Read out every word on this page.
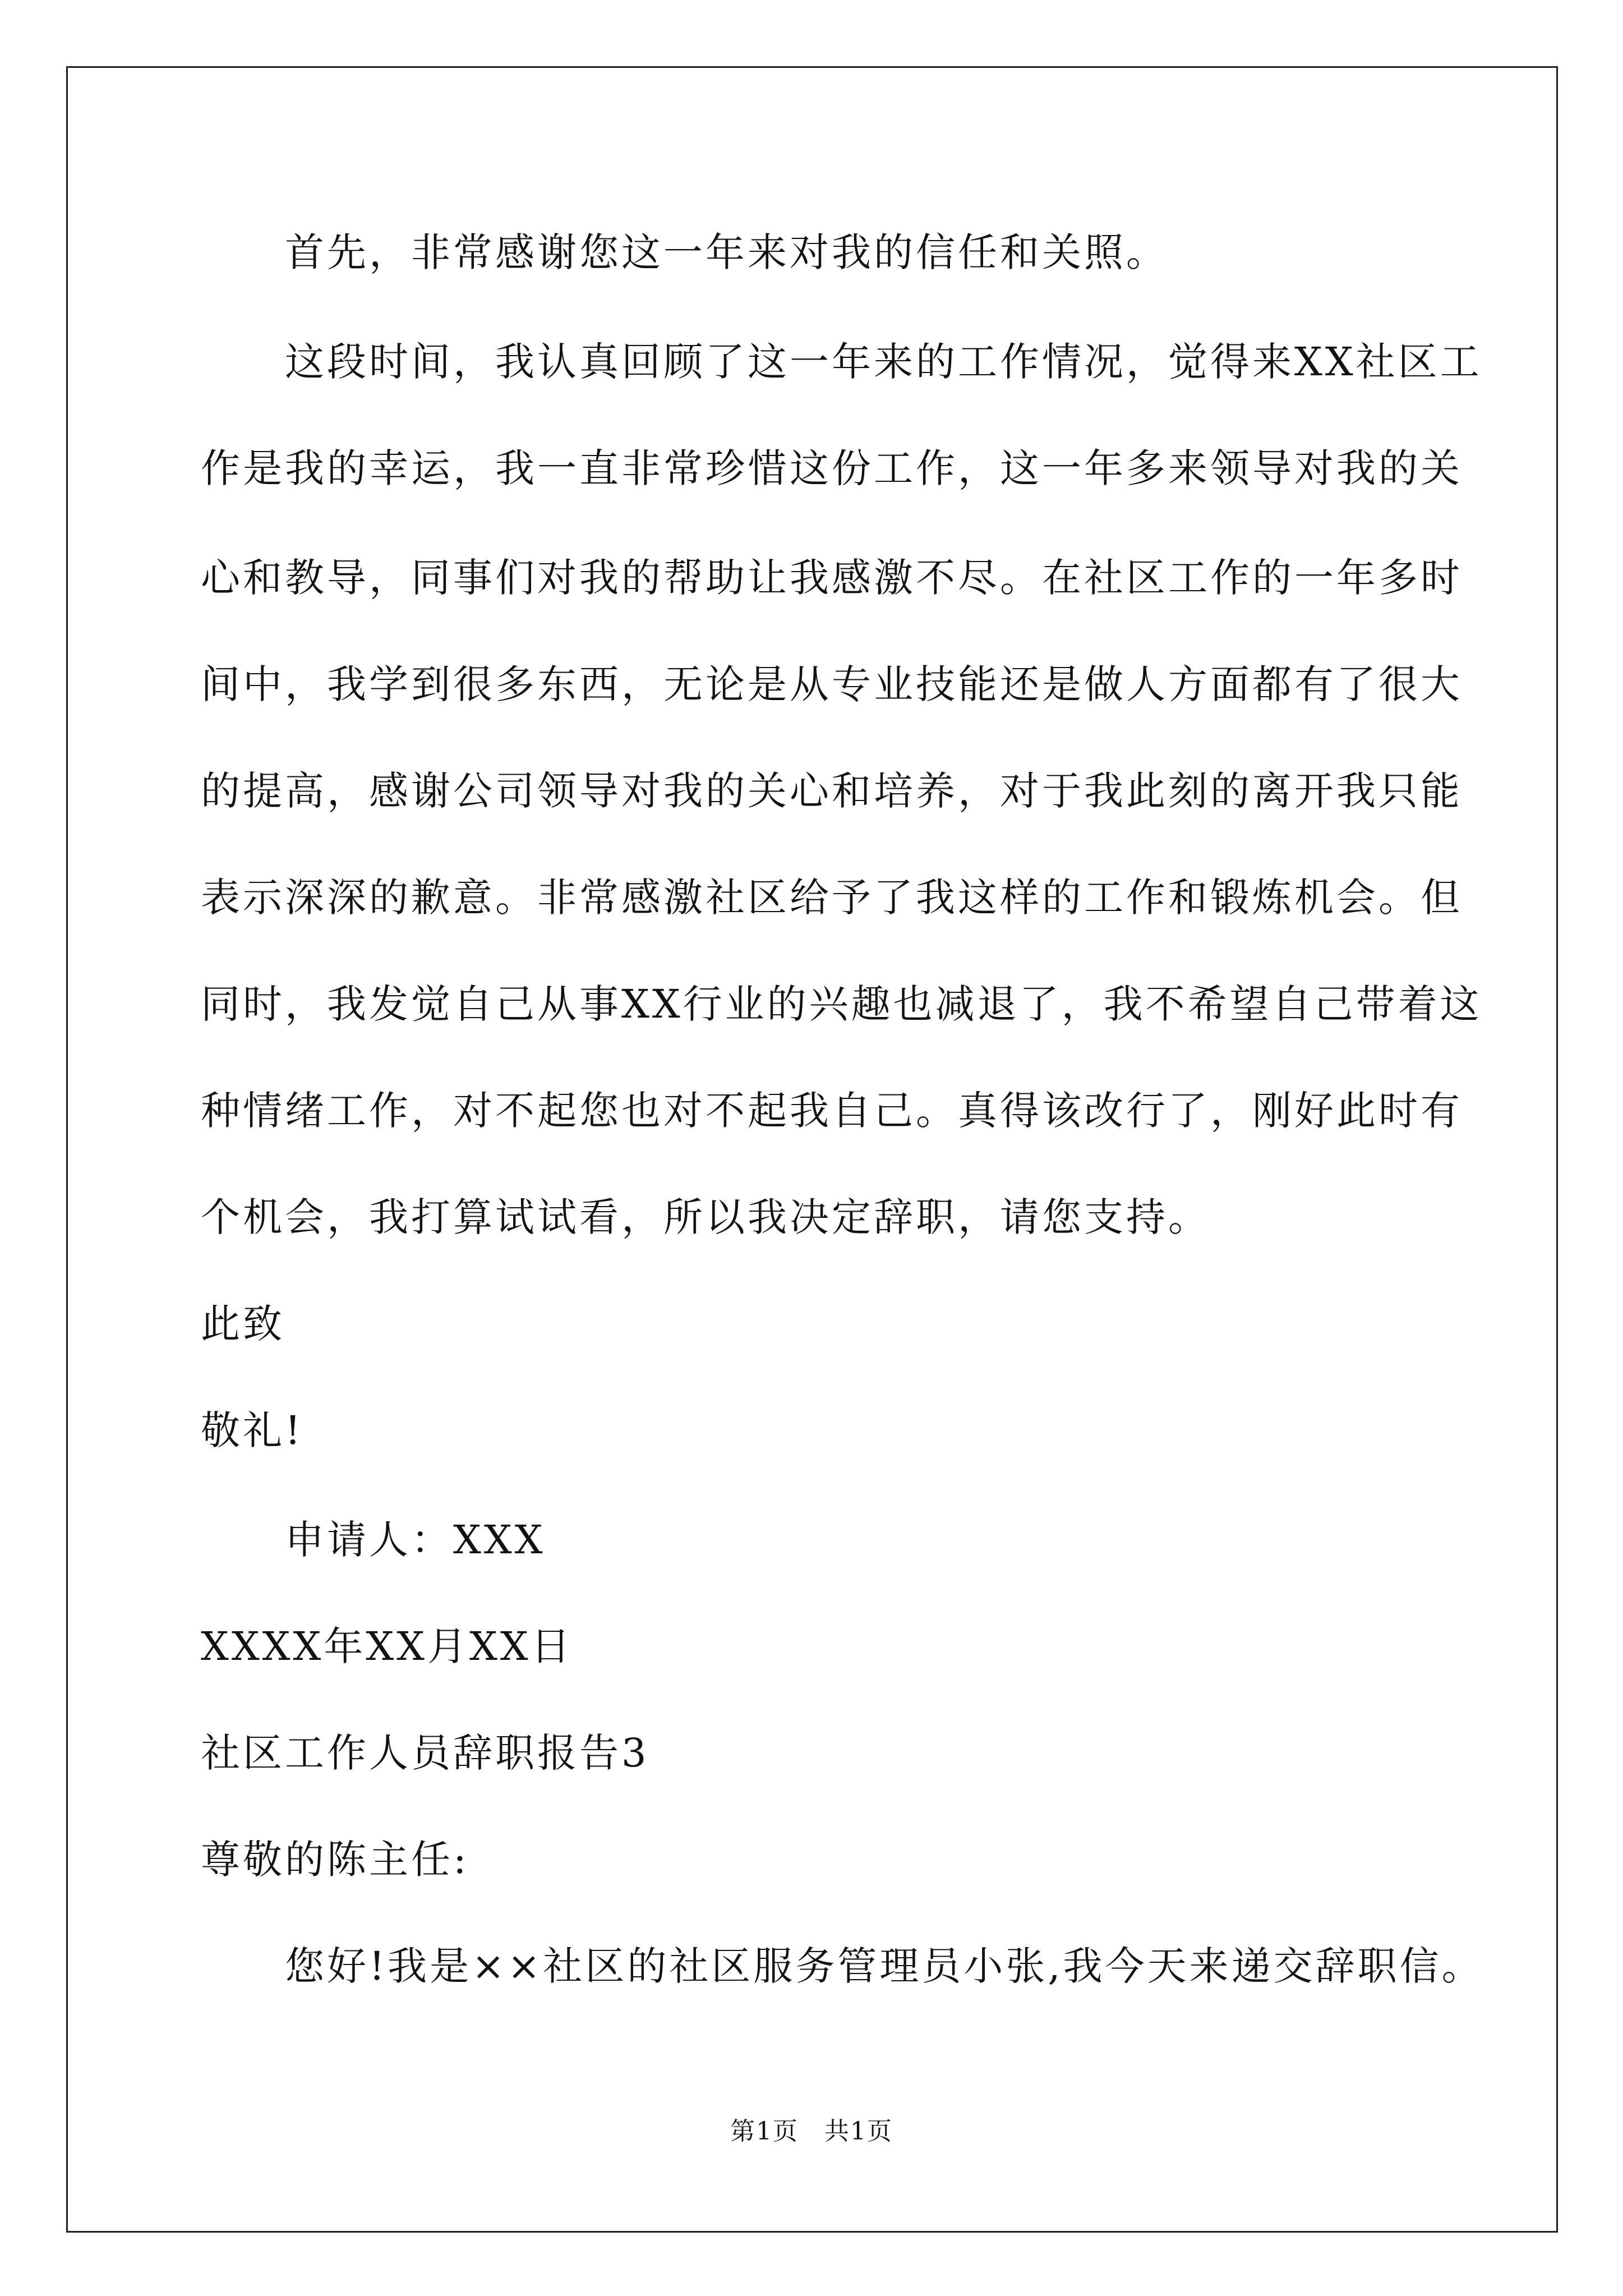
首先，非常感谢您这一年来对我的信任和关照。
这段时间，我认真回顾了这一年来的工作情况，觉得来XX社区工
作是我的幸运，我一直非常珍惜这份工作，这一年多来领导对我的关
心和教导，同事们对我的帮助让我感激不尽。在社区工作的一年多时
间中，我学到很多东西，无论是从专业技能还是做人方面都有了很大
的提高，感谢公司领导对我的关心和培养，对于我此刻的离开我只能
表示深深的歉意。非常感激社区给予了我这样的工作和锻炼机会。但
同时，我发觉自己从事XX行业的兴趣也减退了，我不希望自己带着这
种情绪工作，对不起您也对不起我自己。真得该改行了，刚好此时有
个机会，我打算试试看，所以我决定辞职，请您支持。
此致
敬礼!
申请人：XXX
XXXX年XX月XX日
社区工作人员辞职报告3
尊敬的陈主任:
您好!我是××社区的社区服务管理员小张,我今天来递交辞职信。
第1页 共1页
